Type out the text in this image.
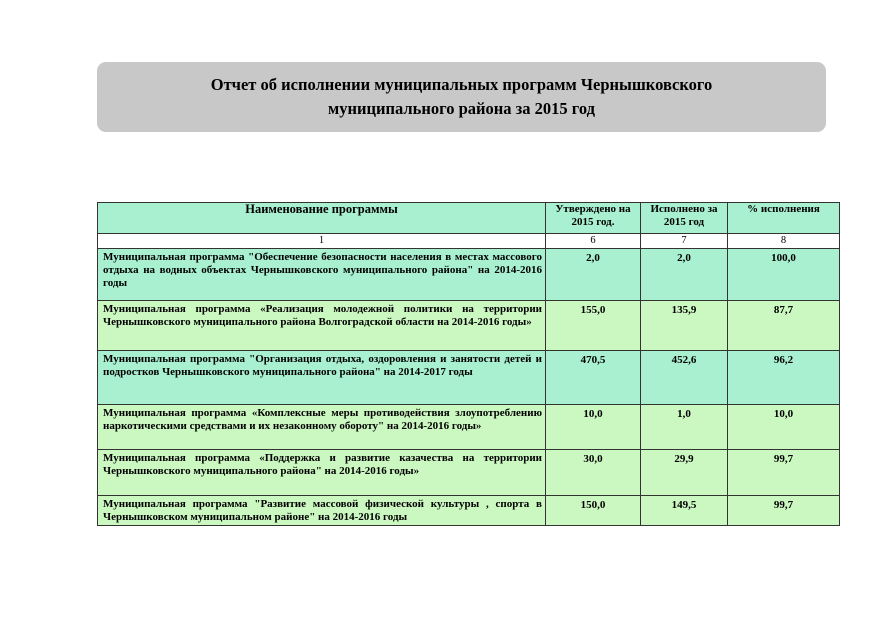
Отчет об исполнении муниципальных программ Чернышковского
муниципального района за 2015 год
Наименование программы	Утверждено на 2015 год.	Исполнено за 2015 год	% исполнения
1	6	7	8
Муниципальная программа "Обеспечение безопасности населения в местах массового отдыха на водных объектах Чернышковского муниципального района" на 2014-2016 годы	2,0	2,0	100,0
Муниципальная программа «Реализация молодежной политики на территории Чернышковского муниципального района Волгоградской области на 2014-2016 годы»	155,0	135,9	87,7
Муниципальная программа "Организация отдыха, оздоровления и занятости детей и подростков Чернышковского муниципального района" на 2014-2017 годы	470,5	452,6	96,2
Муниципальная программа «Комплексные меры противодействия злоупотреблению наркотическими средствами и их незаконному обороту" на 2014-2016 годы»	10,0	1,0	10,0
Муниципальная программа «Поддержка и развитие казачества на территории Чернышковского муниципального района" на 2014-2016 годы»	30,0	29,9	99,7
Муниципальная программа "Развитие массовой физической культуры , спорта в Чернышковском муниципальном районе" на 2014-2016 годы	150,0	149,5	99,7
